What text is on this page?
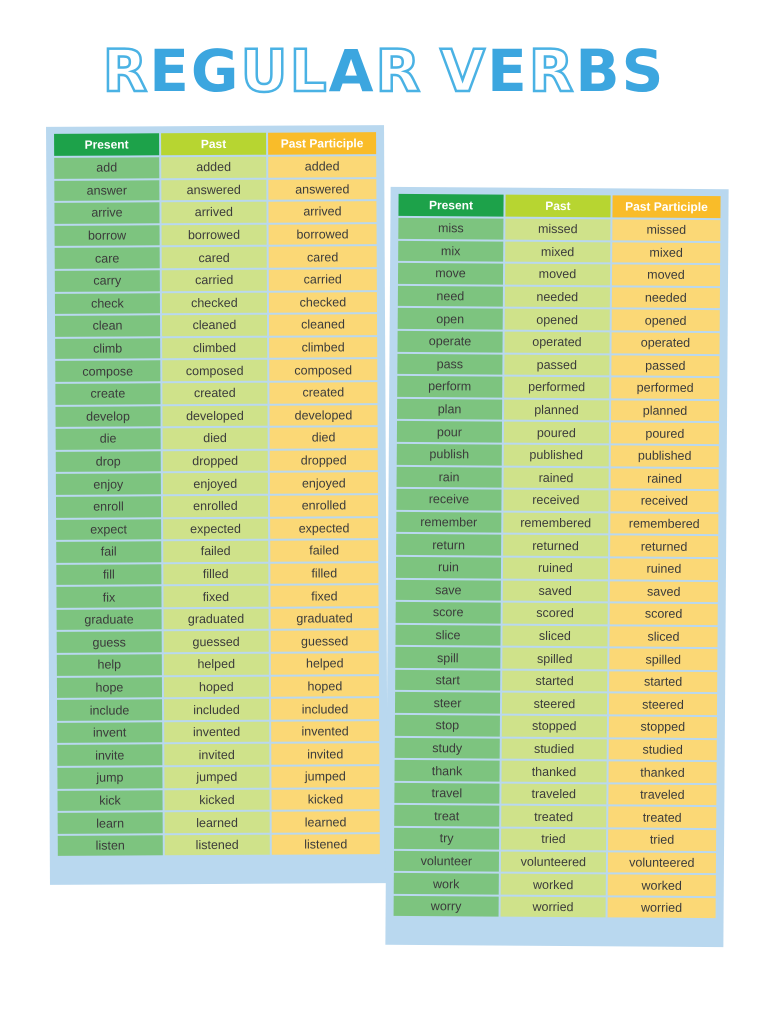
REGULAR VERBS
Present	Past	Past Participle
add	added	added
answer	answered	answered
arrive	arrived	arrived
borrow	borrowed	borrowed
care	cared	cared
carry	carried	carried
check	checked	checked
clean	cleaned	cleaned
climb	climbed	climbed
compose	composed	composed
create	created	created
develop	developed	developed
die	died	died
drop	dropped	dropped
enjoy	enjoyed	enjoyed
enroll	enrolled	enrolled
expect	expected	expected
fail	failed	failed
fill	filled	filled
fix	fixed	fixed
graduate	graduated	graduated
guess	guessed	guessed
help	helped	helped
hope	hoped	hoped
include	included	included
invent	invented	invented
invite	invited	invited
jump	jumped	jumped
kick	kicked	kicked
learn	learned	learned
listen	listened	listened
Present	Past	Past Participle
miss	missed	missed
mix	mixed	mixed
move	moved	moved
need	needed	needed
open	opened	opened
operate	operated	operated
pass	passed	passed
perform	performed	performed
plan	planned	planned
pour	poured	poured
publish	published	published
rain	rained	rained
receive	received	received
remember	remembered	remembered
return	returned	returned
ruin	ruined	ruined
save	saved	saved
score	scored	scored
slice	sliced	sliced
spill	spilled	spilled
start	started	started
steer	steered	steered
stop	stopped	stopped
study	studied	studied
thank	thanked	thanked
travel	traveled	traveled
treat	treated	treated
try	tried	tried
volunteer	volunteered	volunteered
work	worked	worked
worry	worried	worried
